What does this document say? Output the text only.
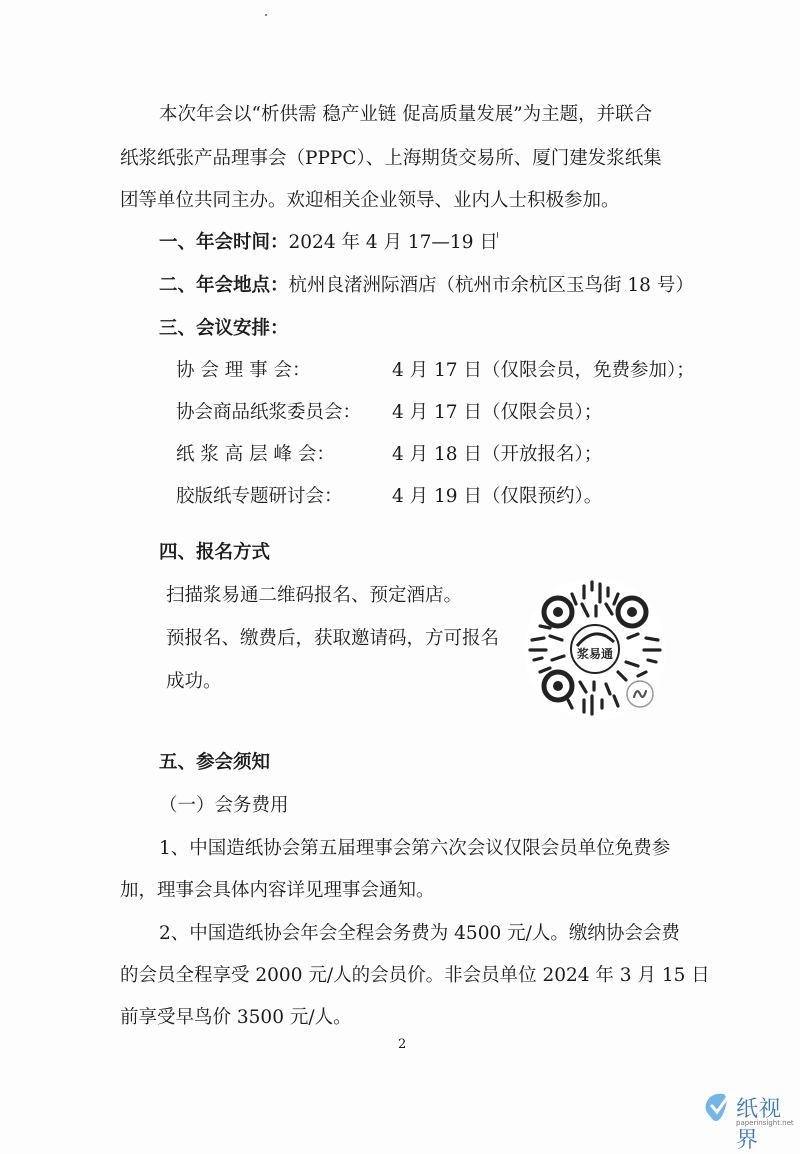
本次年会以“析供需 稳产业链 促高质量发展”为主题，并联合
纸浆纸张产品理事会（PPPC）、上海期货交易所、厦门建发浆纸集
团等单位共同主办。欢迎相关企业领导、业内人士积极参加。
一、年会时间：2024 年 4 月 17—19 日
二、年会地点：杭州良渚洲际酒店（杭州市余杭区玉鸟街 18 号）
三、会议安排：
协 会 理 事 会：	4 月 17 日（仅限会员，免费参加）；
协会商品纸浆委员会： 4 月 17 日（仅限会员）；
纸 浆 高 层 峰 会：	4 月 18 日（开放报名）；
胶版纸专题研讨会：	4 月 19 日（仅限预约）。
四、报名方式
扫描浆易通二维码报名、预定酒店。
预报名、缴费后，获取邀请码，方可报名
成功。
浆易通
五、参会须知
（一）会务费用
1、中国造纸协会第五届理事会第六次会议仅限会员单位免费参
加，理事会具体内容详见理事会通知。
2、中国造纸协会年会全程会务费为 4500 元/人。缴纳协会会费
的会员全程享受 2000 元/人的会员价。非会员单位 2024 年 3 月 15 日
前享受早鸟价 3500 元/人。
2
纸视界
paperinsight.net
